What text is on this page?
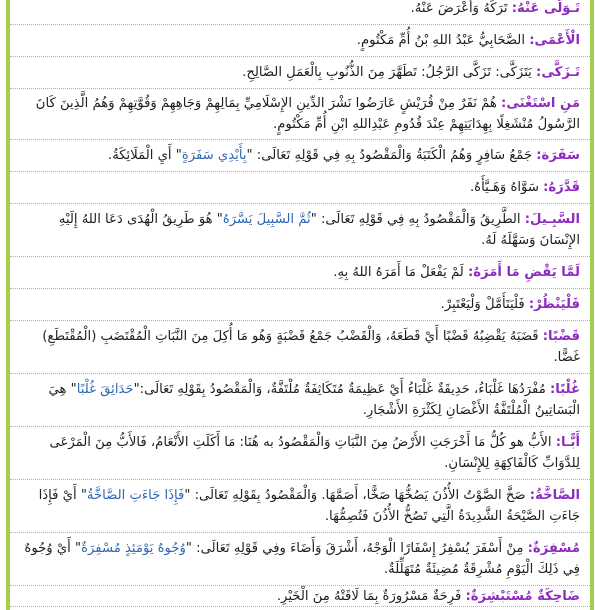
تَـوَلَّى عَنْهُ: تَرَكَهُ وَأَعْرَضَ عَنْهُ.

الْأَعْمَى: الصَّحَابِيُّ عَبْدُ اللهِ بْنُ أُمِّ مَكْتُومٍ.

تَـزَكَّى: يَتَزَكَّى: تَزَكَّى الرَّجُلُ: تَطَهَّرَ مِنَ الذُّنُوبِ بِالْعَمَلِ الصَّالِحِ.

مَنِ اسْتَغْنَى: هُمْ نَفَرٌ مِنْ قُرَيْشٍ عَارَضُوا نَشْرَ الدِّينِ الإِسْلَامِيِّ بِمَالِهِمْ وَجَاهِهِمْ وَقُوَّتِهِمْ وَهُمُ الَّذِينَ كَانَ الرَّسُولُ مُنْشَغِلًا بِهِدَايَتِهِمْ عِنْدَ قُدُومِ عَبْدِاللهِ ابْنِ أُمِّ مَكْتُومٍ.

سَفَرَة: جَمْعُ سَافِرٍ وَهُمُ الْكَتَبَةُ وَالْمَقْصُودُ بِهِ فِي قَوْلِهِ تَعَالَى: "بِأَيْدِي سَفَرَةٍ" أَيِ الْمَلَائِكَةُ.

قَدَّرَهُ: سَوَّاهُ وَهَـيَّأَهُ.

السَّبِـيلَ: الطَّرِيقُ وَالْمَقْصُودُ بِهِ فِي قَوْلِهِ تَعَالَى: "ثُمَّ السَّبِيلَ يَسَّرَهُ" هُوَ طَرِيقُ الْهُدَى دَعَا اللهُ إِلَيْهِ الإِنْسَانَ وَسَهَّلَهُ لَهُ.

لَمَّا يَقْضِ مَا أَمَرَهُ: لَمْ يَفْعَلْ مَا أَمَرَهُ اللهُ بِهِ.

فَلْيَنْظُرْ: فَلْيَتَأَمَّلْ وَلْيَعْتَبِرْ.

قَضْبًا: قَضَبَهُ يَقْضِبُهُ قَضْبًا أَيْ قَطَعَهُ، وَالْقَضْبُ جَمْعُ قَضْبَةٍ وَهُو مَا أُكِلَ مِنَ النَّبَاتِ الْمُقْتَضَبِ (الْمُقْتَطَعِ) غَضًّا.

غُلْبًا: مُفْرَدُهَا غَلْبَاءُ، حَدِيقَةٌ غَلْبَاءُ أَيْ عَظِيمَةٌ مُتَكَاثِفَةٌ مُلْتَفَّةٌ، وَالْمَقْصُودُ بِقَوْلِهِ تَعَالَى:"حَدَائِقَ غُلْبًا" هِيَ الْبَسَاتِينُ الْمُلْتَفَّةُ الأَغْصَانِ لِكَثْرَةِ الأَشْجَارِ.

أَبًّـا: الأَبُّ هو كُلُّ مَا أَخْرَجَتِ الأَرْضُ مِنَ النَّبَاتِ وَالْمَقْصُودُ به هُنَا: مَا أَكَلَتِ الأَنْعَامُ، فَالأَبُّ مِنَ الْمَرْعَى لِلدَّوَابِّ كَالْفَاكِهَةِ لِلإِنْسَانِ.

الصَّاخَّةُ: صَخَّ الصَّوْتُ الأُذُنَ يَصُخُّهَا صَخًّا، أَصَمَّهَا. وَالْمَقْصُودُ بِقَوْلِهِ تَعَالَى: "فَإِذَا جَاءَتِ الصَّاخَّةُ" أَيْ فَإِذَا جَاءَتِ الصَّيْحَةُ الشَّدِيدَةُ الَّتِي تَصُخُّ الأُذُنَ فَتُصِمُّهَا.

مُسْفِرَةٌ: مِنْ أَسْفَرَ يُسْفِرُ إِسْفَارًا الْوَجْهُ، أَشْرَقَ وَأَضَاءَ وفِي قَوْلِهِ تَعَالَى: "وُجُوهٌ يَوْمَئِذٍ مُسْفِرَةٌ" أَيْ وُجُوهٌ فِي ذَلِكَ الْيَوْمِ مُشْرِقَةٌ مُضِيئَةٌ مُتَهَلِّلَةٌ.

ضَاحِكَةٌ مُسْتَبْشِرَةٌ: فَرِحَةٌ مَسْرُورَةٌ بِمَا لَاقَتْهُ مِنَ الْخَيْرِ.
